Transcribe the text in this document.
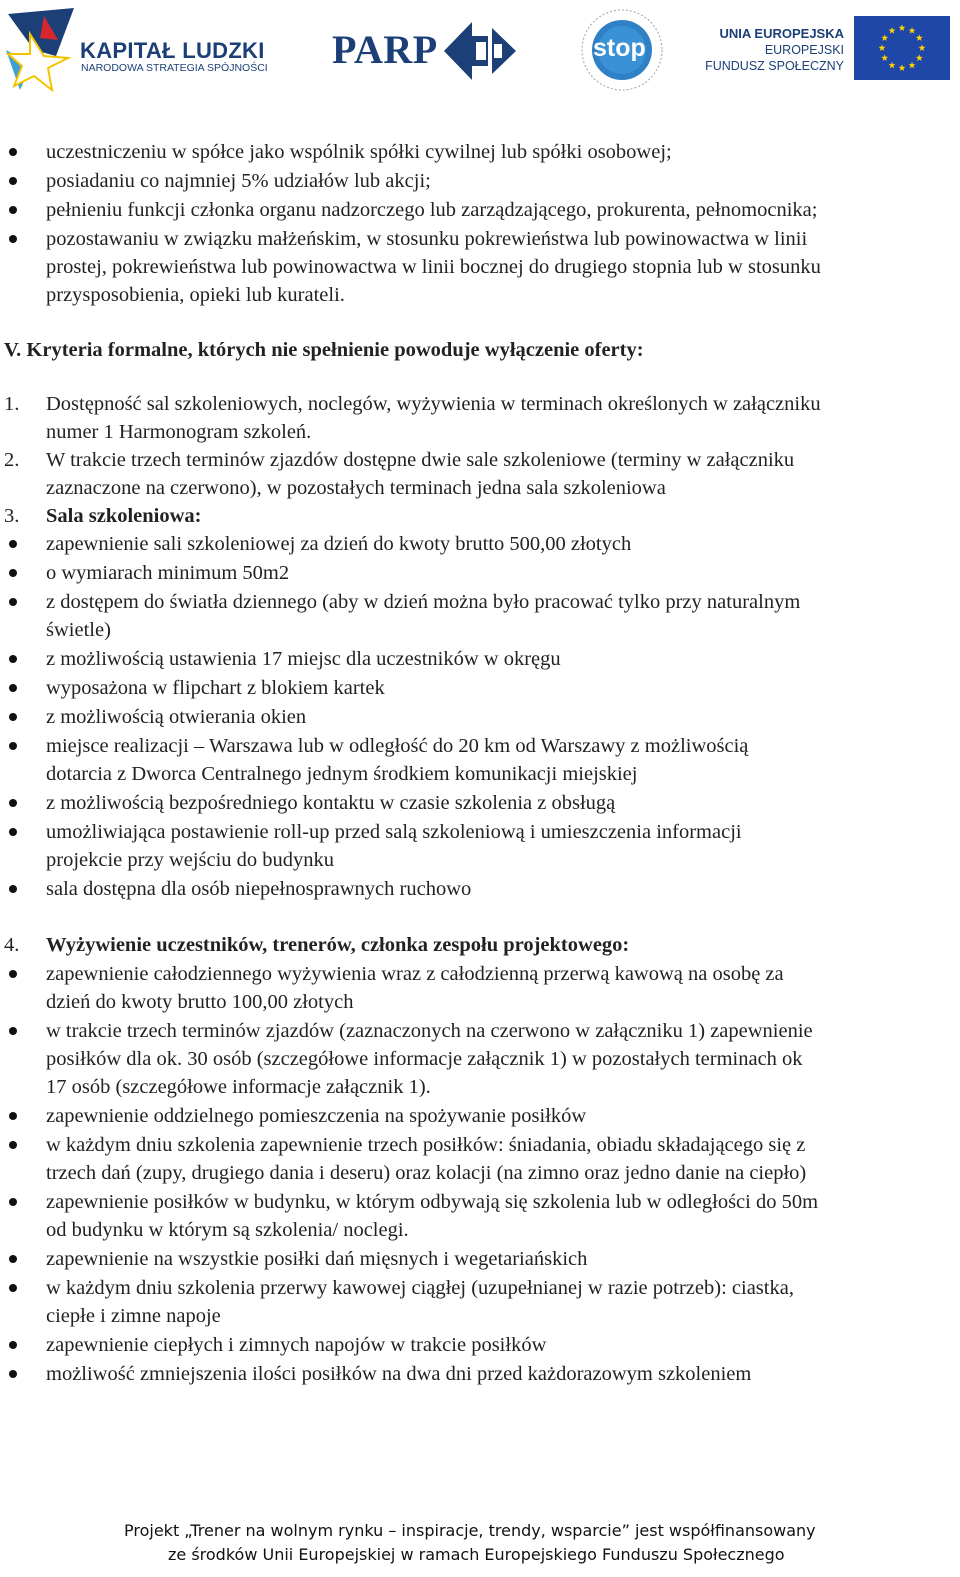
KAPITAŁ LUDZKI
NARODOWA STRATEGIA SPÓJNOŚCI PARP	stop
UNIA EUROPEJSKA
EUROPEJSKI
FUNDUSZ SPOŁECZNY
uczestniczeniu w spółce jako wspólnik spółki cywilnej lub spółki osobowej;
posiadaniu co najmniej 5% udziałów lub akcji;
pełnieniu funkcji członka organu nadzorczego lub zarządzającego, prokurenta, pełnomocnika;
pozostawaniu w związku małżeńskim, w stosunku pokrewieństwa lub powinowactwa w linii
prostej, pokrewieństwa lub powinowactwa w linii bocznej do drugiego stopnia lub w stosunku
przysposobienia, opieki lub kurateli.
V. Kryteria formalne, których nie spełnienie powoduje wyłączenie oferty:
1. Dostępność sal szkoleniowych, noclegów, wyżywienia w terminach określonych w załączniku
numer 1 Harmonogram szkoleń.
2. W trakcie trzech terminów zjazdów dostępne dwie sale szkoleniowe (terminy w załączniku
zaznaczone na czerwono), w pozostałych terminach jedna sala szkoleniowa
3. Sala szkoleniowa:
zapewnienie sali szkoleniowej za dzień do kwoty brutto 500,00 złotych
o wymiarach minimum 50m2
z dostępem do światła dziennego (aby w dzień można było pracować tylko przy naturalnym
świetle)
z możliwością ustawienia 17 miejsc dla uczestników w okręgu
wyposażona w flipchart z blokiem kartek
z możliwością otwierania okien
miejsce realizacji – Warszawa lub w odległość do 20 km od Warszawy z możliwością
dotarcia z Dworca Centralnego jednym środkiem komunikacji miejskiej
z możliwością bezpośredniego kontaktu w czasie szkolenia z obsługą
umożliwiająca postawienie roll-up przed salą szkoleniową i umieszczenia informacji
projekcie przy wejściu do budynku
sala dostępna dla osób niepełnosprawnych ruchowo
4. Wyżywienie uczestników, trenerów, członka zespołu projektowego:
zapewnienie całodziennego wyżywienia wraz z całodzienną przerwą kawową na osobę za
dzień do kwoty brutto 100,00 złotych
w trakcie trzech terminów zjazdów (zaznaczonych na czerwono w załączniku 1) zapewnienie
posiłków dla ok. 30 osób (szczegółowe informacje załącznik 1) w pozostałych terminach ok
17 osób (szczegółowe informacje załącznik 1).
zapewnienie oddzielnego pomieszczenia na spożywanie posiłków
w każdym dniu szkolenia zapewnienie trzech posiłków: śniadania, obiadu składającego się z
trzech dań (zupy, drugiego dania i deseru) oraz kolacji (na zimno oraz jedno danie na ciepło)
zapewnienie posiłków w budynku, w którym odbywają się szkolenia lub w odległości do 50m
od budynku w którym są szkolenia/ noclegi.
zapewnienie na wszystkie posiłki dań mięsnych i wegetariańskich
w każdym dniu szkolenia przerwy kawowej ciągłej (uzupełnianej w razie potrzeb): ciastka,
ciepłe i zimne napoje
zapewnienie ciepłych i zimnych napojów w trakcie posiłków
możliwość zmniejszenia ilości posiłków na dwa dni przed każdorazowym szkoleniem
Projekt „Trener na wolnym rynku – inspiracje, trendy, wsparcie” jest współfinansowany
ze środków Unii Europejskiej w ramach Europejskiego Funduszu Społecznego
